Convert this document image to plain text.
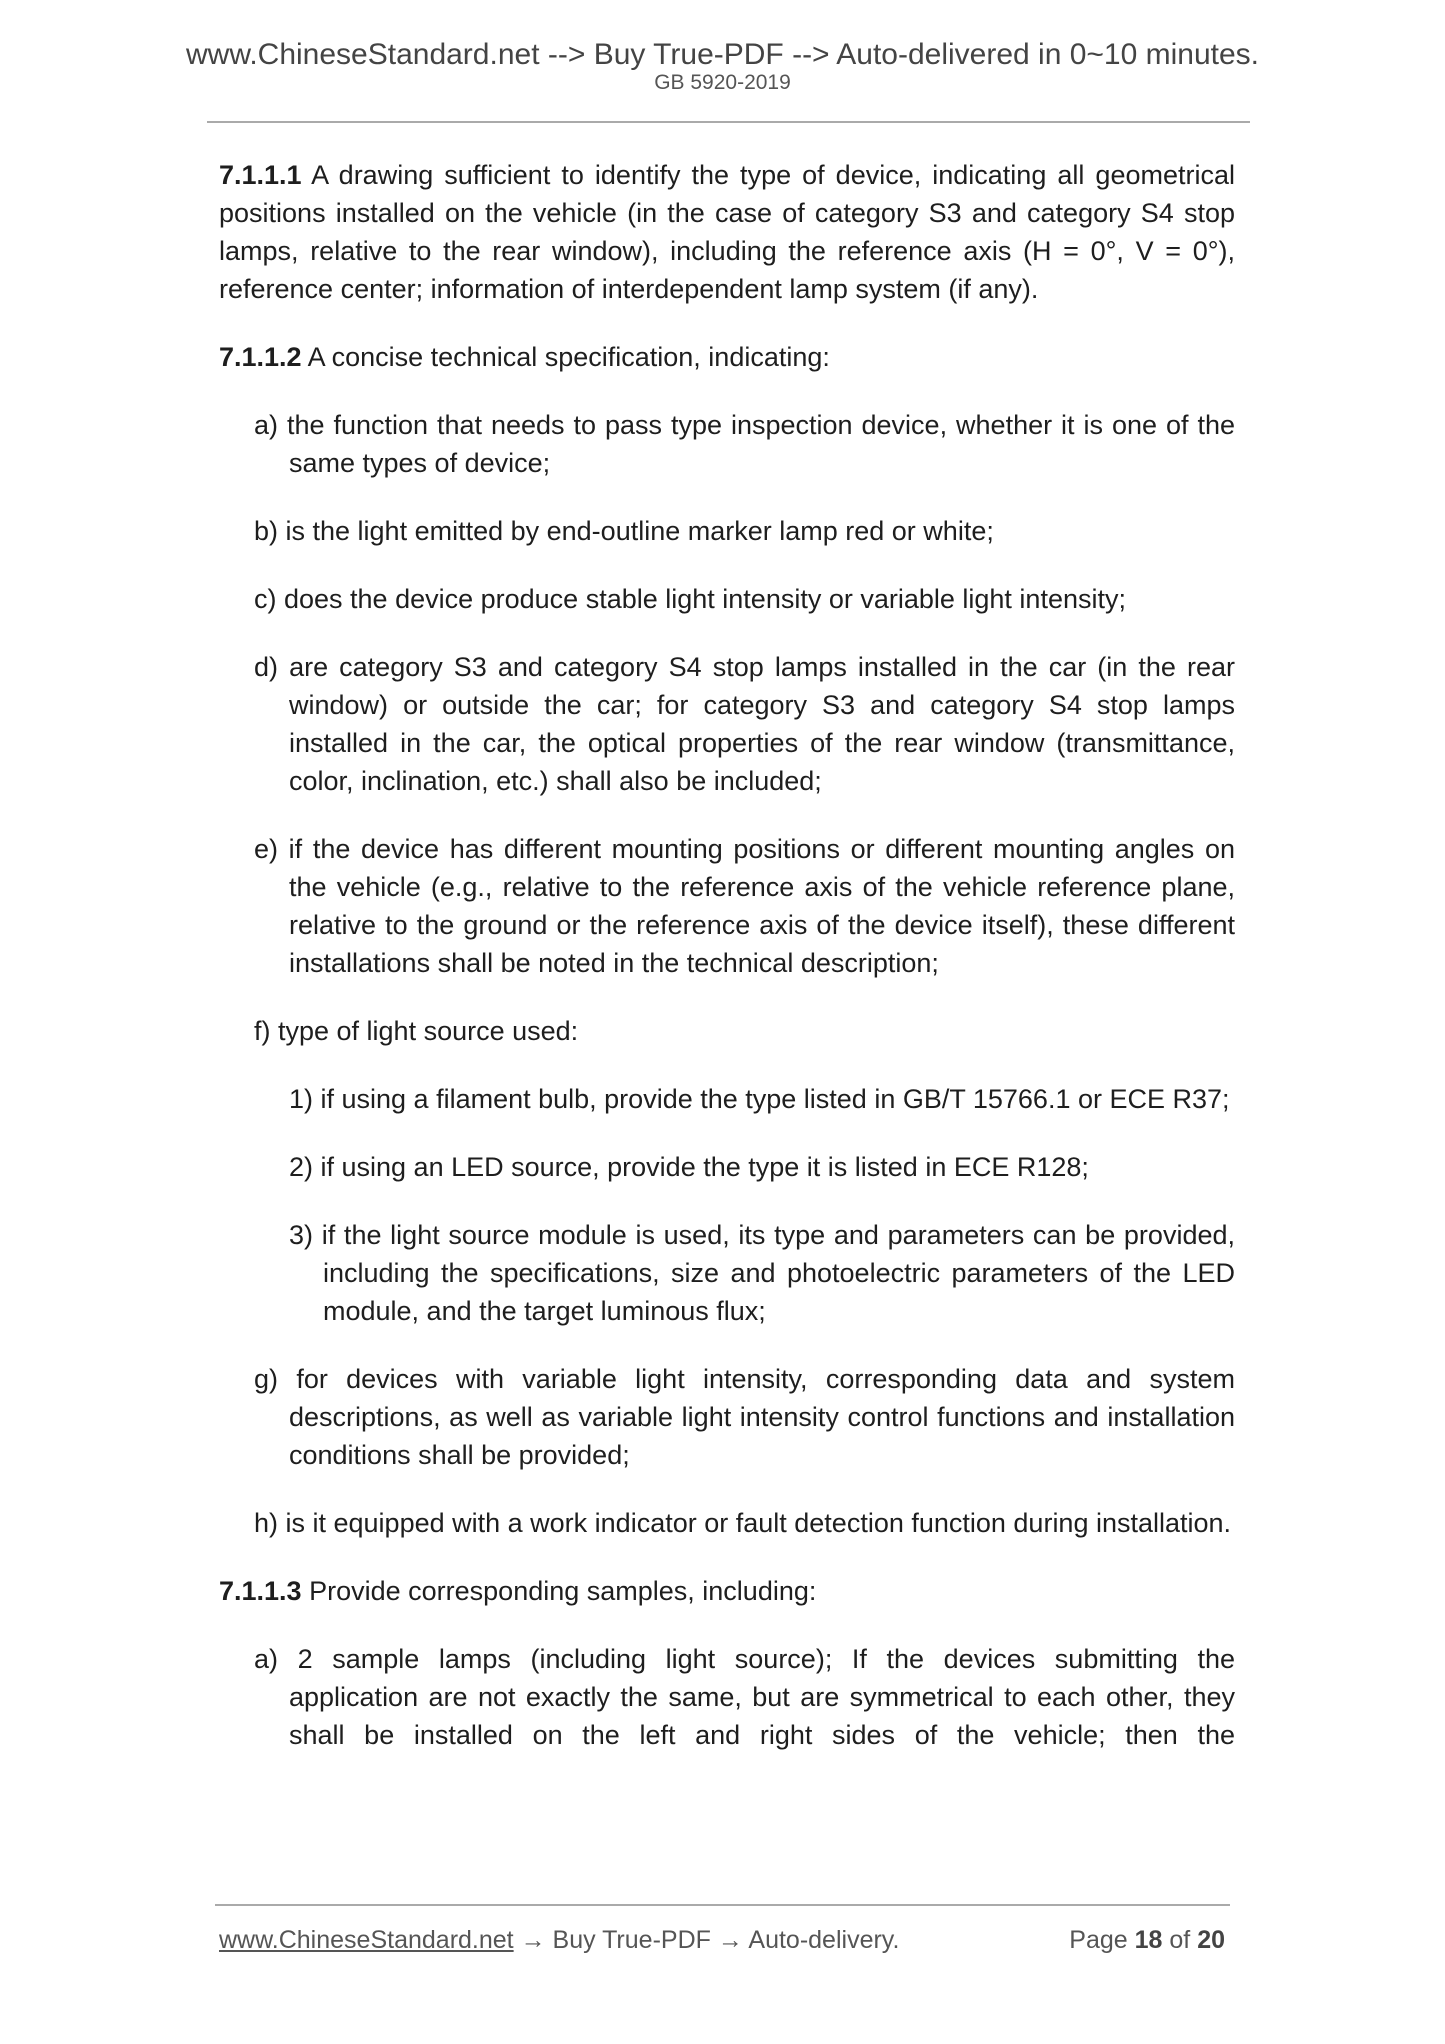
www.ChineseStandard.net --> Buy True-PDF --> Auto-delivered in 0~10 minutes.
GB 5920-2019

7.1.1.1 A drawing sufficient to identify the type of device, indicating all geometrical positions installed on the vehicle (in the case of category S3 and category S4 stop lamps, relative to the rear window), including the reference axis (H = 0°, V = 0°), reference center; information of interdependent lamp system (if any).

7.1.1.2 A concise technical specification, indicating:

a) the function that needs to pass type inspection device, whether it is one of the same types of device;

b) is the light emitted by end-outline marker lamp red or white;

c) does the device produce stable light intensity or variable light intensity;

d) are category S3 and category S4 stop lamps installed in the car (in the rear window) or outside the car; for category S3 and category S4 stop lamps installed in the car, the optical properties of the rear window (transmittance, color, inclination, etc.) shall also be included;

e) if the device has different mounting positions or different mounting angles on the vehicle (e.g., relative to the reference axis of the vehicle reference plane, relative to the ground or the reference axis of the device itself), these different installations shall be noted in the technical description;

f) type of light source used:

1) if using a filament bulb, provide the type listed in GB/T 15766.1 or ECE R37;

2) if using an LED source, provide the type it is listed in ECE R128;

3) if the light source module is used, its type and parameters can be provided, including the specifications, size and photoelectric parameters of the LED module, and the target luminous flux;

g) for devices with variable light intensity, corresponding data and system descriptions, as well as variable light intensity control functions and installation conditions shall be provided;

h) is it equipped with a work indicator or fault detection function during installation.

7.1.1.3 Provide corresponding samples, including:

a) 2 sample lamps (including light source); If the devices submitting the application are not exactly the same, but are symmetrical to each other, they shall be installed on the left and right sides of the vehicle; then the

www.ChineseStandard.net → Buy True-PDF → Auto-delivery.	Page 18 of 20
